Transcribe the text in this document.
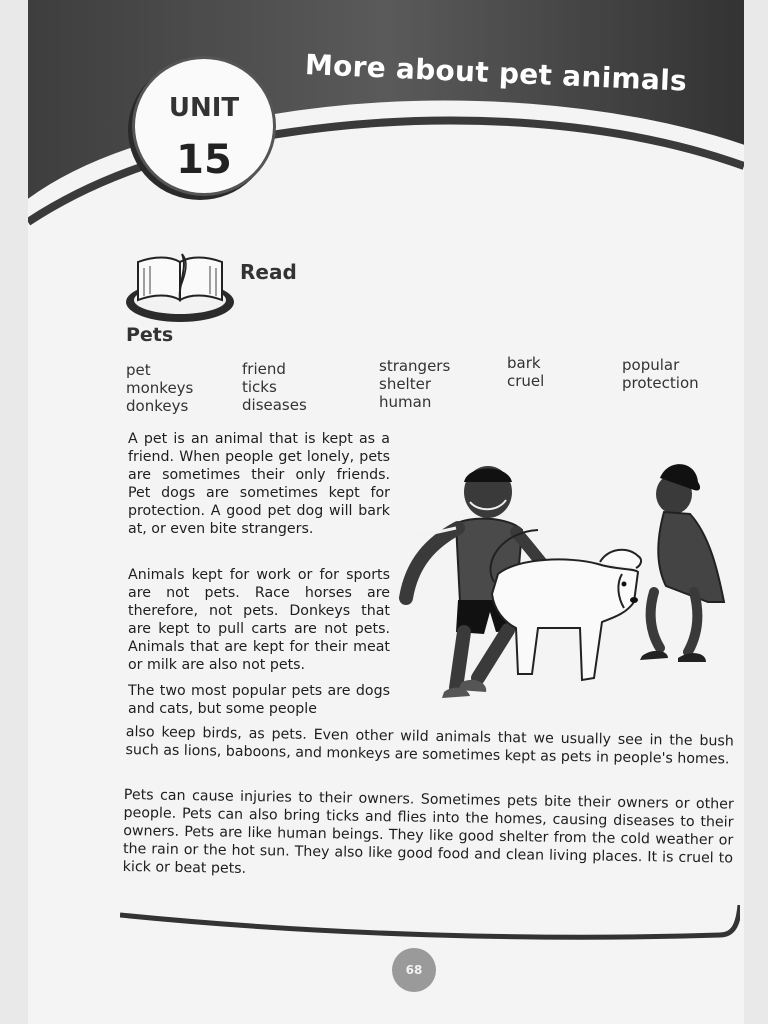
More about pet animals
UNIT
15
Read
Pets
pet
monkeys
donkeys
friend
ticks
diseases
strangers
shelter
human
bark
cruel
popular
protection
A pet is an animal that is kept as a friend. When people get lonely, pets are sometimes their only friends. Pet dogs are sometimes kept for protection. A good pet dog will bark at, or even bite strangers.
Animals kept for work or for sports are not pets. Race horses are therefore, not pets. Donkeys that are kept to pull carts are not pets. Animals that are kept for their meat or milk are also not pets.
The two most popular pets are dogs and cats, but some people
also keep birds, as pets. Even other wild animals that we usually see in the bush such as lions, baboons, and monkeys are sometimes kept as pets in people's homes.
Pets can cause injuries to their owners. Sometimes pets bite their owners or other people. Pets can also bring ticks and flies into the homes, causing diseases to their owners. Pets are like human beings. They like good shelter from the cold weather or the rain or the hot sun. They also like good food and clean living places. It is cruel to kick or beat pets.
68
